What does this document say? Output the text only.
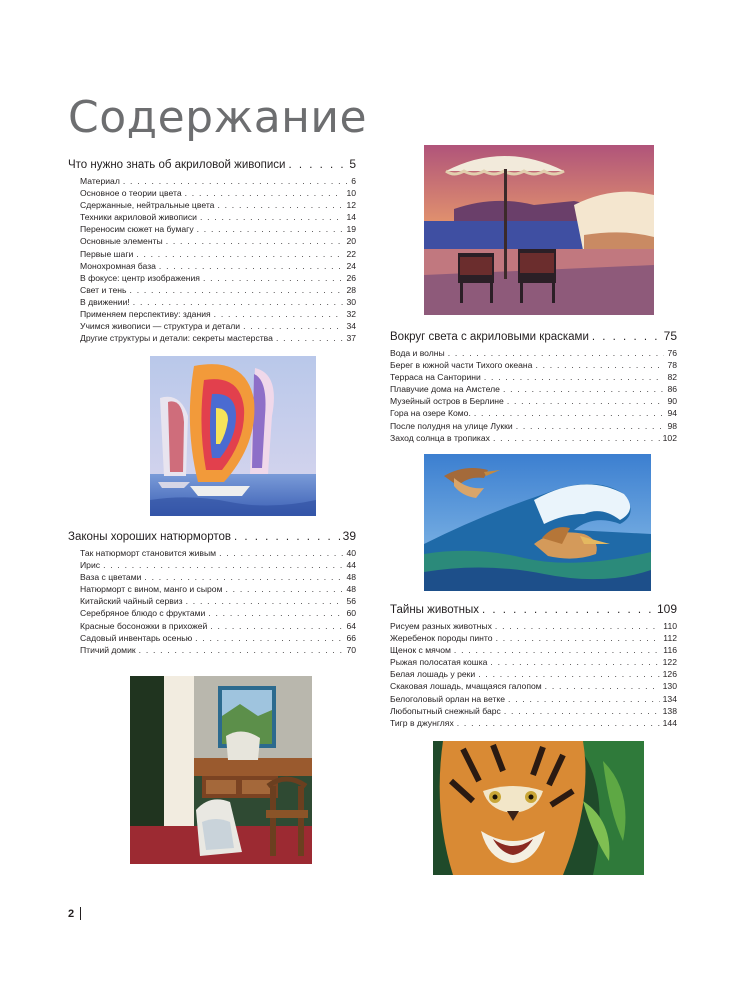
Содержание
Что нужно знать об акриловой живописи . . .	5
Материал . . .	6
Основное о теории цвета . . .	10
Сдержанные, нейтральные цвета . . .	12
Техники акриловой живописи . . .	14
Переносим сюжет на бумагу . . .	19
Основные элементы . . .	20
Первые шаги . . .	22
Монохромная база . . .	24
В фокусе: центр изображения . . .	26
Свет и тень . . .	28
В движении! . . .	30
Применяем перспективу: здания . . .	32
Учимся живописи — структура и детали . . .	34
Другие структуры и детали: секреты мастерства . . .	37
Законы хороших натюрмортов . . .	39
Так натюрморт становится живым . . .	40
Ирис . . .	44
Ваза с цветами . . .	48
Натюрморт с вином, манго и сыром . . .	48
Китайский чайный сервиз . . .	56
Серебряное блюдо с фруктами . . .	60
Красные босоножки в прихожей . . .	64
Садовый инвентарь осенью . . .	66
Птичий домик . . .	70
Вокруг света с акриловыми красками . . .	75
Вода и волны . . .	76
Берег в южной части Тихого океана . . .	78
Терраса на Санторини . . .	82
Плавучие дома на Амстеле . . .	86
Музейный остров в Берлине . . .	90
Гора на озере Комо. . . .	94
После полудня на улице Лукки . . .	98
Заход солнца в тропиках . . .	102
Тайны животных . . .	109
Рисуем разных животных . . .	110
Жеребенок породы пинто . . .	112
Щенок с мячом . . .	116
Рыжая полосатая кошка . . .	122
Белая лошадь у реки . . .	126
Скаковая лошадь, мчащаяся галопом . . .	130
Белоголовый орлан на ветке . . .	134
Любопытный снежный барс . . .	138
Тигр в джунглях . . .	144
2
